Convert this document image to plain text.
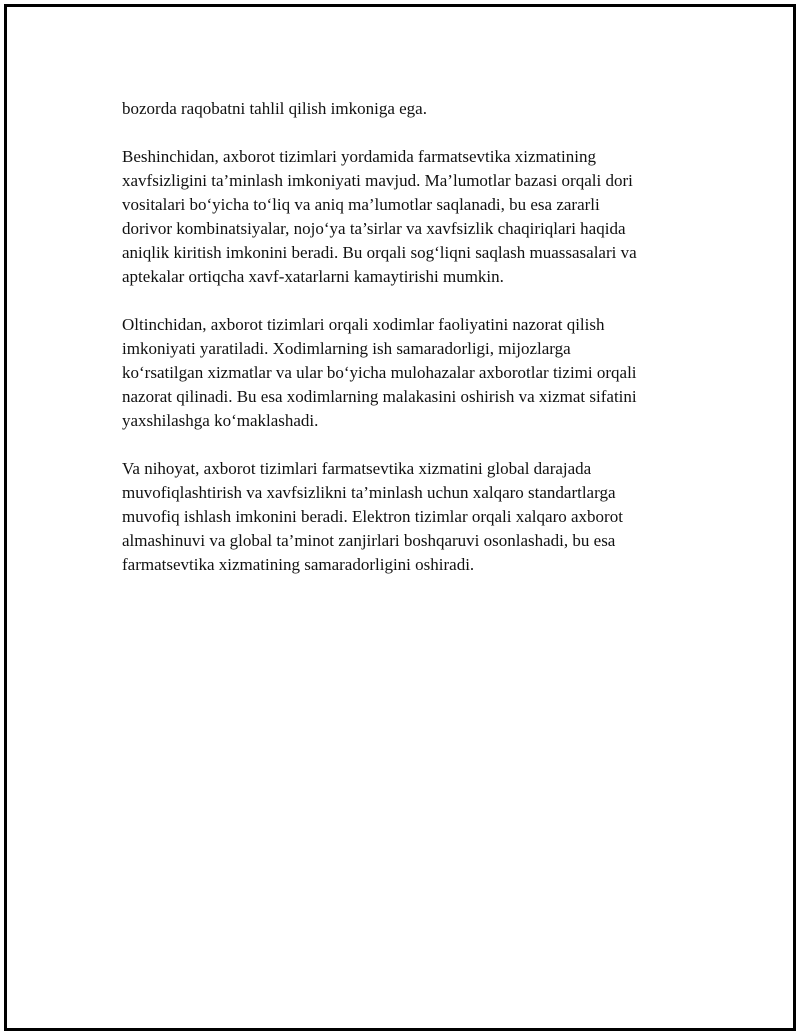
bozorda raqobatni tahlil qilish imkoniga ega.

Beshinchidan, axborot tizimlari yordamida farmatsevtika xizmatining
xavfsizligini ta’minlash imkoniyati mavjud. Ma’lumotlar bazasi orqali dori
vositalari bo‘yicha to‘liq va aniq ma’lumotlar saqlanadi, bu esa zararli
dorivor kombinatsiyalar, nojo‘ya ta’sirlar va xavfsizlik chaqiriqlari haqida
aniqlik kiritish imkonini beradi. Bu orqali sog‘liqni saqlash muassasalari va
aptekalar ortiqcha xavf-xatarlarni kamaytirishi mumkin.

Oltinchidan, axborot tizimlari orqali xodimlar faoliyatini nazorat qilish
imkoniyati yaratiladi. Xodimlarning ish samaradorligi, mijozlarga
ko‘rsatilgan xizmatlar va ular bo‘yicha mulohazalar axborotlar tizimi orqali
nazorat qilinadi. Bu esa xodimlarning malakasini oshirish va xizmat sifatini
yaxshilashga ko‘maklashadi.

Va nihoyat, axborot tizimlari farmatsevtika xizmatini global darajada
muvofiqlashtirish va xavfsizlikni ta’minlash uchun xalqaro standartlarga
muvofiq ishlash imkonini beradi. Elektron tizimlar orqali xalqaro axborot
almashinuvi va global ta’minot zanjirlari boshqaruvi osonlashadi, bu esa
farmatsevtika xizmatining samaradorligini oshiradi.
